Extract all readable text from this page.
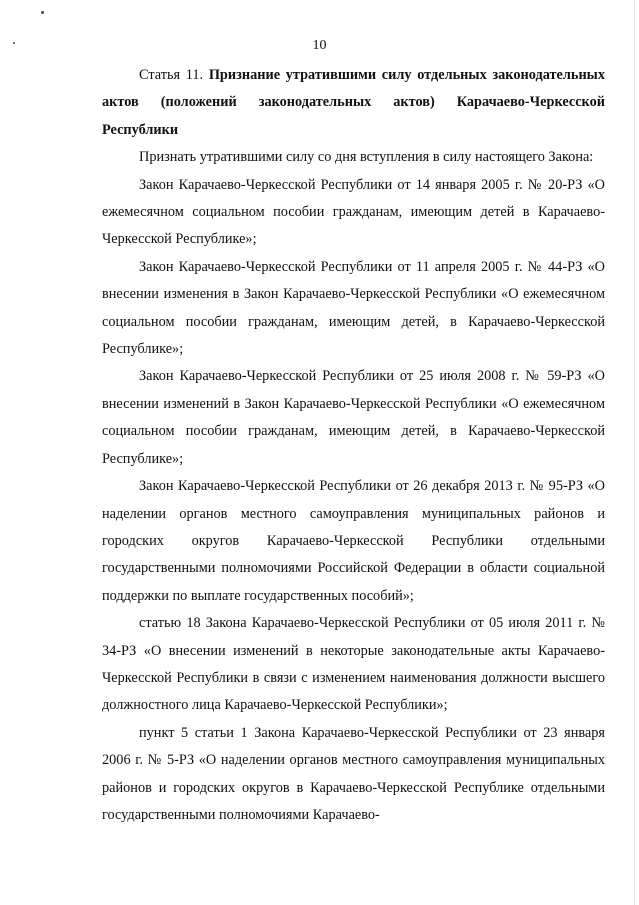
10

Статья 11. Признание утратившими силу отдельных законодательных актов (положений законодательных актов) Карачаево-Черкесской Республики

Признать утратившими силу со дня вступления в силу настоящего Закона:

Закон Карачаево-Черкесской Республики от 14 января 2005 г. № 20-РЗ «О ежемесячном социальном пособии гражданам, имеющим детей в Карачаево-Черкесской Республике»;

Закон Карачаево-Черкесской Республики от 11 апреля 2005 г. № 44-РЗ «О внесении изменения в Закон Карачаево-Черкесской Республики «О ежемесячном социальном пособии гражданам, имеющим детей, в Карачаево-Черкесской Республике»;

Закон Карачаево-Черкесской Республики от 25 июля 2008 г. № 59-РЗ «О внесении изменений в Закон Карачаево-Черкесской Республики «О ежемесячном социальном пособии гражданам, имеющим детей, в Карачаево-Черкесской Республике»;

Закон Карачаево-Черкесской Республики от 26 декабря 2013 г. № 95-РЗ «О наделении органов местного самоуправления муниципальных районов и городских округов Карачаево-Черкесской Республики отдельными государственными полномочиями Российской Федерации в области социальной поддержки по выплате государственных пособий»;

статью 18 Закона Карачаево-Черкесской Республики от 05 июля 2011 г. № 34-РЗ «О внесении изменений в некоторые законодательные акты Карачаево-Черкесской Республики в связи с изменением наименования должности высшего должностного лица Карачаево-Черкесской Республики»;

пункт 5 статьи 1 Закона Карачаево-Черкесской Республики от 23 января 2006 г. № 5-РЗ «О наделении органов местного самоуправления муниципальных районов и городских округов в Карачаево-Черкесской Республике отдельными государственными полномочиями Карачаево-
